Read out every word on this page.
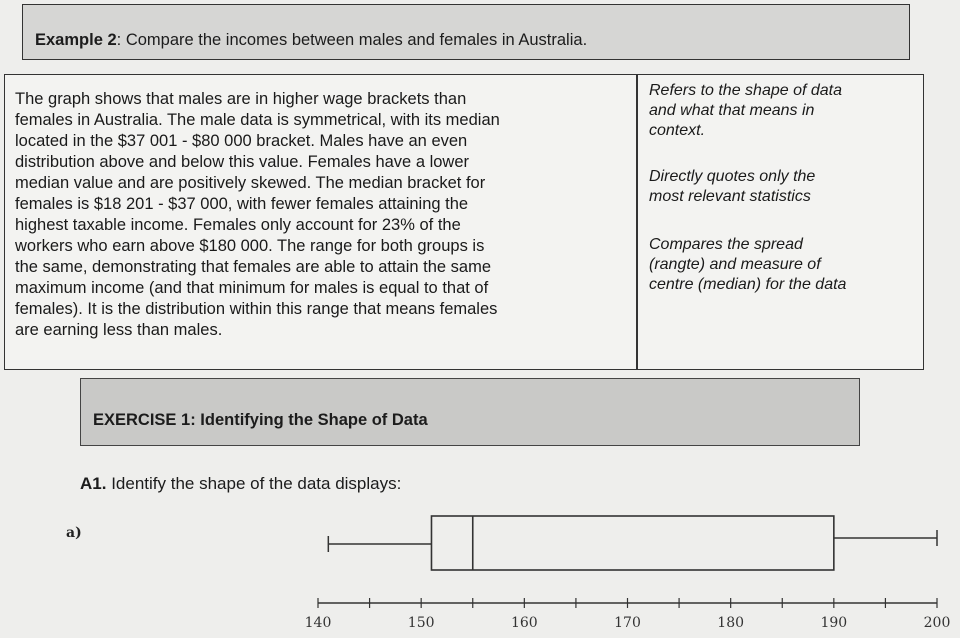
Example 2: Compare the incomes between males and females in Australia.
The graph shows that males are in higher wage brackets than
females in Australia. The male data is symmetrical, with its median
located in the $37 001 - $80 000 bracket. Males have an even
distribution above and below this value. Females have a lower
median value and are positively skewed. The median bracket for
females is $18 201 - $37 000, with fewer females attaining the
highest taxable income. Females only account for 23% of the
workers who earn above $180 000. The range for both groups is
the same, demonstrating that females are able to attain the same
maximum income (and that minimum for males is equal to that of
females). It is the distribution within this range that means females
are earning less than males.
Refers to the shape of data
and what that means in
context.
Directly quotes only the
most relevant statistics
Compares the spread
(rangte) and measure of
centre (median) for the data
EXERCISE 1: Identifying the Shape of Data
A1. Identify the shape of the data displays:
a)
140	150	160	170	180	190	200
